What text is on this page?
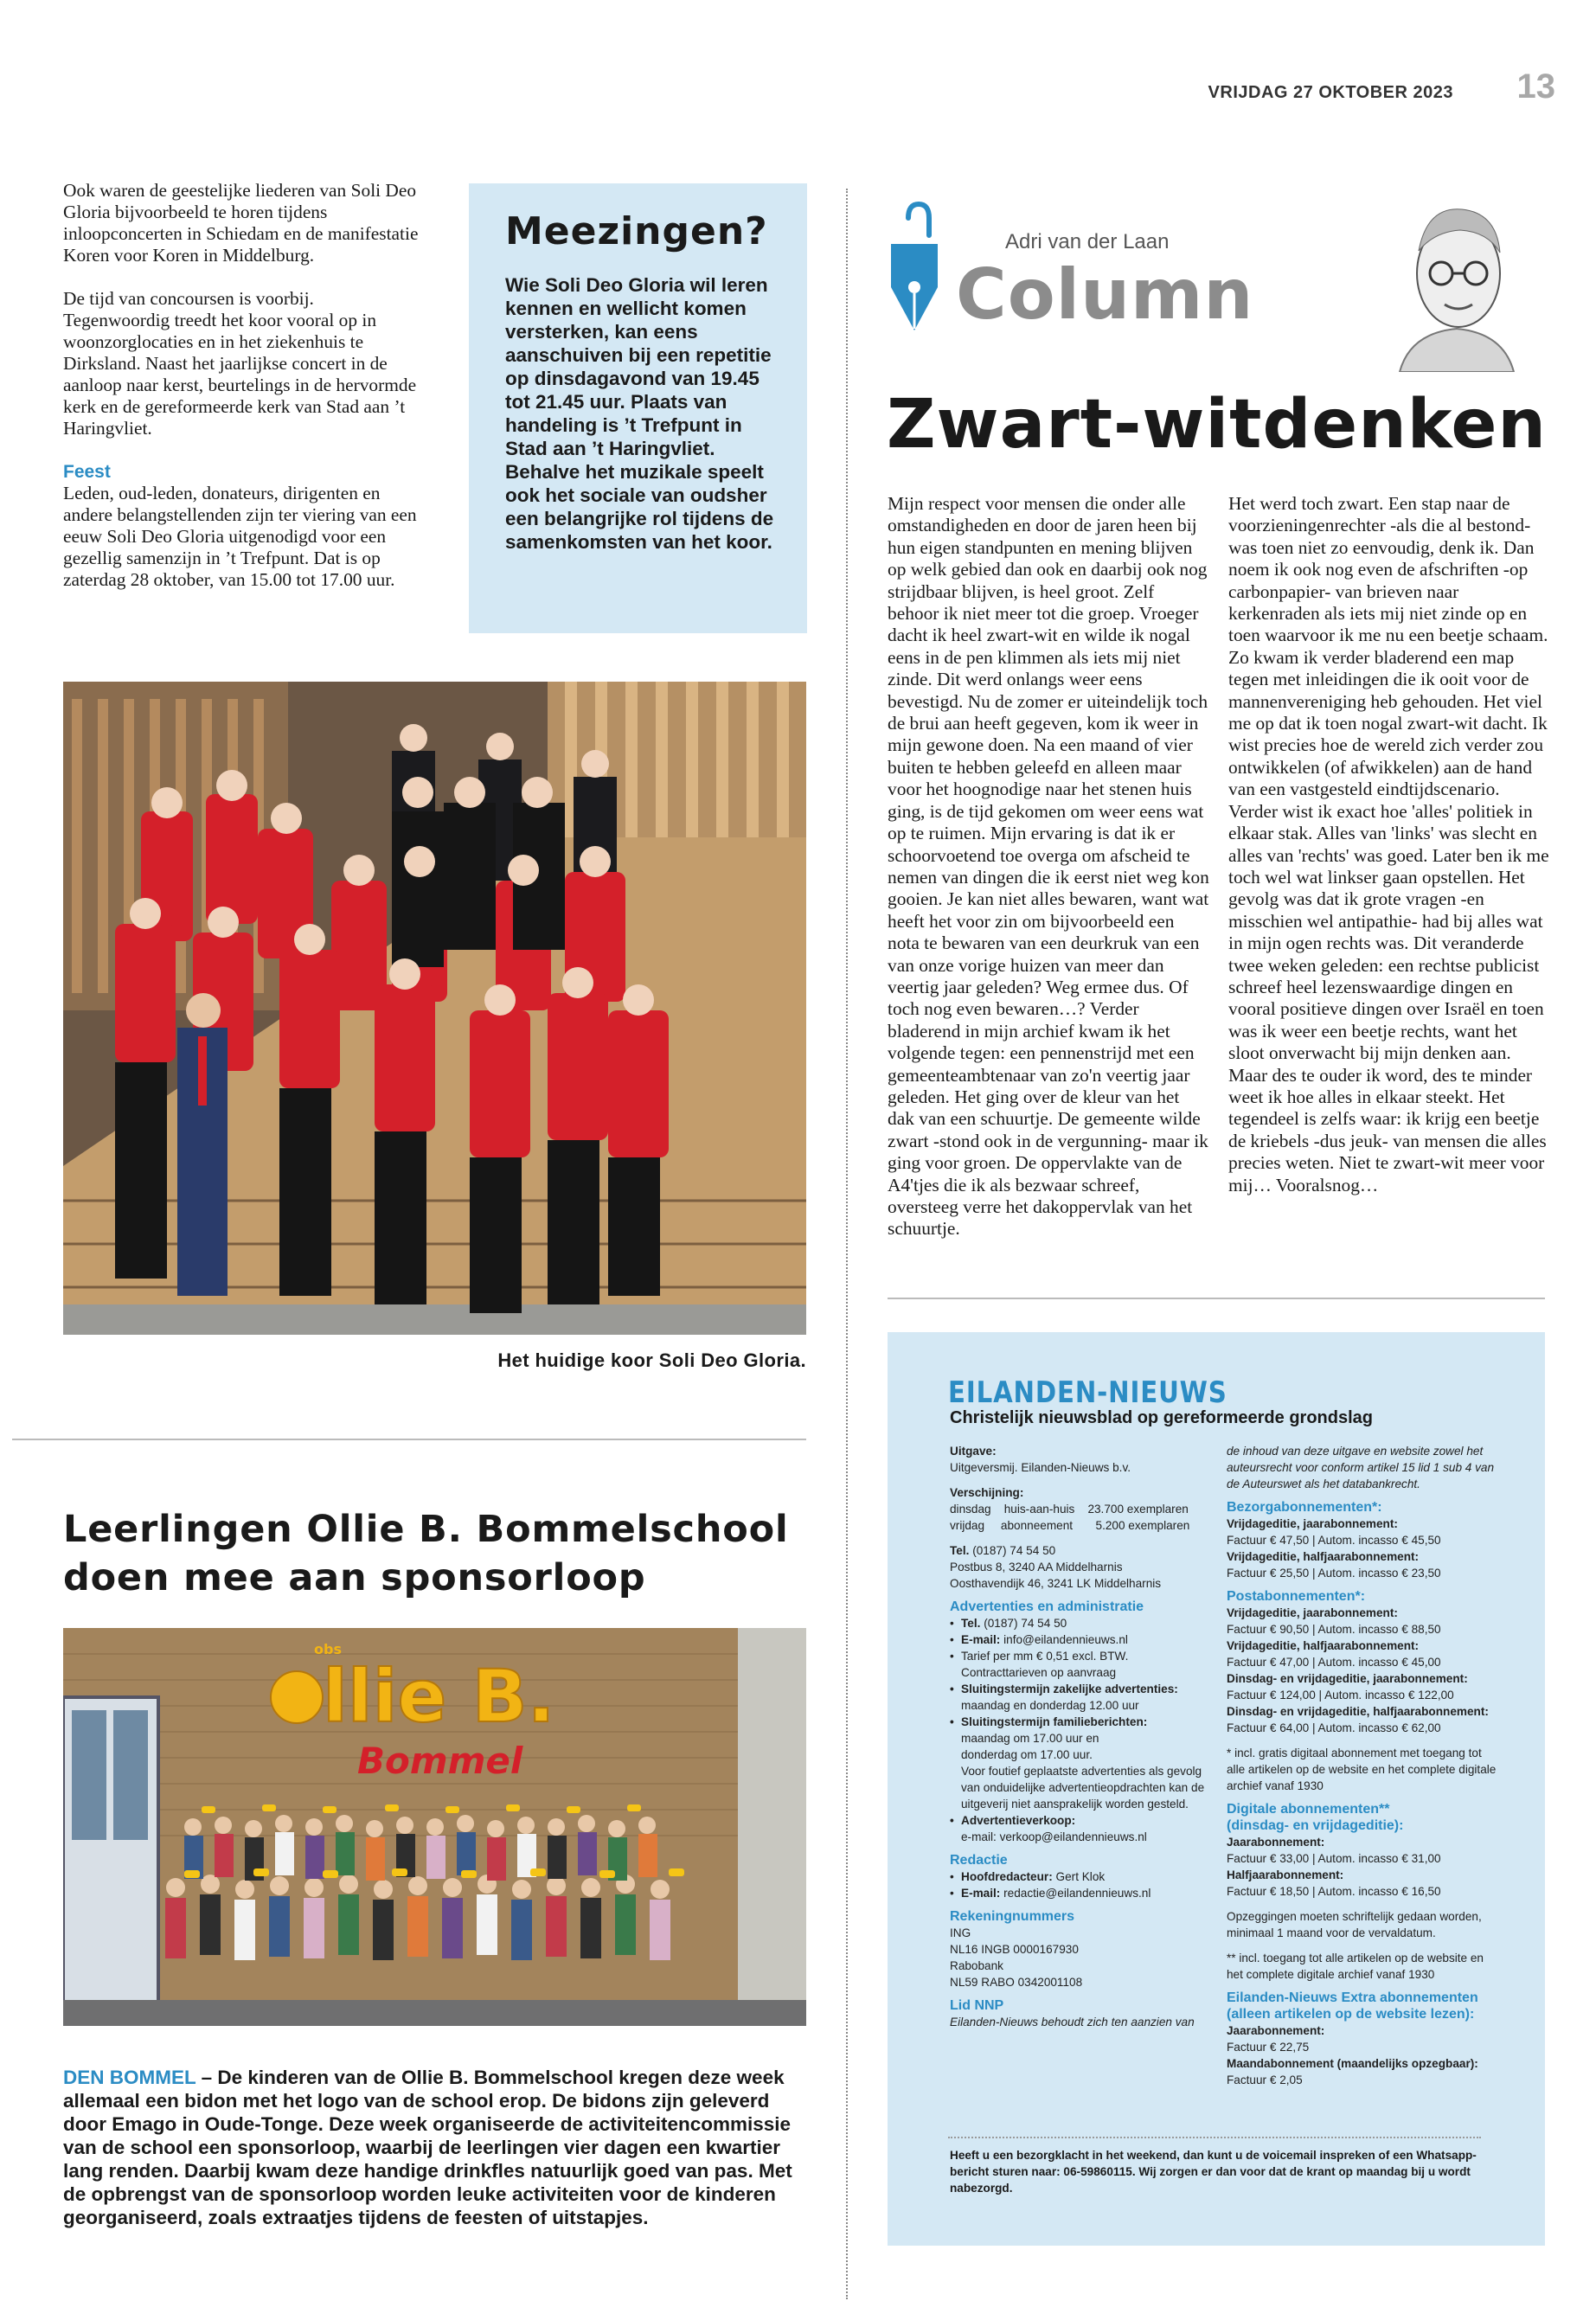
VRIJDAG 27 OKTOBER 2023	13

Ook waren de geestelijke liederen van Soli Deo Gloria bijvoorbeeld te horen tijdens inloopconcerten in Schiedam en de manifestatie Koren voor Koren in Middelburg.

De tijd van concoursen is voorbij. Tegenwoordig treedt het koor vooral op in woonzorglocaties en in het ziekenhuis te Dirksland. Naast het jaarlijkse concert in de aanloop naar kerst, beurtelings in de hervormde kerk en de gereformeerde kerk van Stad aan ’t Haringvliet.

Feest

Leden, oud-leden, donateurs, dirigenten en andere belangstellenden zijn ter viering van een eeuw Soli Deo Gloria uitgenodigd voor een gezellig samenzijn in ’t Trefpunt. Dat is op zaterdag 28 oktober, van 15.00 tot 17.00 uur.

Meezingen?
Wie Soli Deo Gloria wil leren kennen en wellicht komen versterken, kan eens aanschuiven bij een repetitie op dinsdagavond van 19.45 tot 21.45 uur. Plaats van handeling is ’t Trefpunt in Stad aan ’t Haringvliet. Behalve het muzikale speelt ook het sociale van oudsher een belangrijke rol tijdens de samenkomsten van het koor.
Het huidige koor Soli Deo Gloria.
Adri van der Laan
Column
Zwart-witdenken
Mijn respect voor mensen die onder alle omstandigheden en door de jaren heen bij hun eigen standpunten en mening blijven op welk gebied dan ook en daarbij ook nog strijdbaar blijven, is heel groot. Zelf behoor ik niet meer tot die groep. Vroeger dacht ik heel zwart-wit en wilde ik nogal eens in de pen klimmen als iets mij niet zinde. Dit werd onlangs weer eens bevestigd. Nu de zomer er uiteindelijk toch de brui aan heeft gegeven, kom ik weer in mijn gewone doen. Na een maand of vier buiten te hebben geleefd en alleen maar voor het hoognodige naar het stenen huis ging, is de tijd gekomen om weer eens wat op te ruimen. Mijn ervaring is dat ik er schoorvoetend toe overga om afscheid te nemen van dingen die ik eerst niet weg kon gooien. Je kan niet alles bewaren, want wat heeft het voor zin om bijvoorbeeld een nota te bewaren van een deurkruk van een van onze vorige huizen van meer dan veertig jaar geleden? Weg ermee dus. Of toch nog even bewaren…? Verder bladerend in mijn archief kwam ik het volgende tegen: een pennenstrijd met een gemeenteambtenaar van zo'n veertig jaar geleden. Het ging over de kleur van het dak van een schuurtje. De gemeente wilde zwart -stond ook in de vergunning- maar ik ging voor groen. De oppervlakte van de A4'tjes die ik als bezwaar schreef, oversteeg verre het dakoppervlak van het schuurtje.
Het werd toch zwart. Een stap naar de voorzieningenrechter -als die al bestond- was toen niet zo eenvoudig, denk ik. Dan noem ik ook nog even de afschriften -op carbonpapier- van brieven naar kerkenraden als iets mij niet zinde op en toen waarvoor ik me nu een beetje schaam. Zo kwam ik verder bladerend een map tegen met inleidingen die ik ooit voor de mannenvereniging heb gehouden. Het viel me op dat ik toen nogal zwart-wit dacht. Ik wist precies hoe de wereld zich verder zou ontwikkelen (of afwikkelen) aan de hand van een vastgesteld eindtijdscenario. Verder wist ik exact hoe 'alles' politiek in elkaar stak. Alles van 'links' was slecht en alles van 'rechts' was goed. Later ben ik me toch wel wat linkser gaan opstellen. Het gevolg was dat ik grote vragen -en misschien wel antipathie- had bij alles wat in mijn ogen rechts was. Dit veranderde twee weken geleden: een rechtse publicist schreef heel lezenswaardige dingen en vooral positieve dingen over Israël en toen was ik weer een beetje rechts, want het sloot onverwacht bij mijn denken aan. Maar des te ouder ik word, des te minder weet ik hoe alles in elkaar steekt. Het tegendeel is zelfs waar: ik krijg een beetje de kriebels -dus jeuk- van mensen die alles precies weten. Niet te zwart-wit meer voor mij… Vooralsnog…
EILANDEN-NIEUWS
Christelijk nieuwsblad op gereformeerde grondslag
Uitgave:
Uitgeversmij. Eilanden-Nieuws b.v.
Verschijning:
dinsdag    huis-aan-huis    23.700 exemplaren
vrijdag     abonneement       5.200 exemplaren
Tel. (0187) 74 54 50
Postbus 8, 3240 AA Middelharnis
Oosthavendijk 46, 3241 LK Middelharnis
Advertenties en administratie
• Tel. (0187) 74 54 50
• E-mail: info@eilandennieuws.nl
• Tarief per mm € 0,51 excl. BTW.
Contracttarieven op aanvraag
• Sluitingstermijn zakelijke advertenties:
maandag en donderdag 12.00 uur
• Sluitingstermijn familieberichten:
maandag om 17.00 uur en
donderdag om 17.00 uur.
Voor foutief geplaatste advertenties als gevolg
van onduidelijke advertentieopdrachten kan de
uitgeverij niet aansprakelijk worden gesteld.
• Advertentieverkoop:
e-mail: verkoop@eilandennieuws.nl
Redactie
• Hoofdredacteur: Gert Klok
• E-mail: redactie@eilandennieuws.nl
Rekeningnummers
ING
NL16 INGB 0000167930
Rabobank
NL59 RABO 0342001108
Lid NNP
Eilanden-Nieuws behoudt zich ten aanzien van
de inhoud van deze uitgave en website zowel het
auteursrecht voor conform artikel 15 lid 1 sub 4 van
de Auteurswet als het databankrecht.
Bezorgabonnementen*:
Vrijdageditie, jaarabonnement:
Factuur € 47,50 | Autom. incasso € 45,50
Vrijdageditie, halfjaarabonnement:
Factuur € 25,50 | Autom. incasso € 23,50
Postabonnementen*:
Vrijdageditie, jaarabonnement:
Factuur € 90,50 | Autom. incasso € 88,50
Vrijdageditie, halfjaarabonnement:
Factuur € 47,00 | Autom. incasso € 45,00
Dinsdag- en vrijdageditie, jaarabonnement:
Factuur € 124,00 | Autom. incasso € 122,00
Dinsdag- en vrijdageditie, halfjaarabonnement:
Factuur € 64,00 | Autom. incasso € 62,00
* incl. gratis digitaal abonnement met toegang tot
alle artikelen op de website en het complete digitale
archief vanaf 1930
Digitale abonnementen**
(dinsdag- en vrijdageditie):
Jaarabonnement:
Factuur € 33,00 | Autom. incasso € 31,00
Halfjaarabonnement:
Factuur € 18,50 | Autom. incasso € 16,50
Opzeggingen moeten schriftelijk gedaan worden,
minimaal 1 maand voor de vervaldatum.
** incl. toegang tot alle artikelen op de website en
het complete digitale archief vanaf 1930
Eilanden-Nieuws Extra abonnementen
(alleen artikelen op de website lezen):
Jaarabonnement:
Factuur € 22,75
Maandabonnement (maandelijks opzegbaar):
Factuur € 2,05
Heeft u een bezorgklacht in het weekend, dan kunt u de voicemail inspreken of een Whatsapp-bericht sturen naar: 06-59860115. Wij zorgen er dan voor dat de krant op maandag bij u wordt nabezorgd.
Leerlingen Ollie B. Bommelschool
doen mee aan sponsorloop
llie B.
obs
Bommel
DEN BOMMEL – De kinderen van de Ollie B. Bommelschool kregen deze week allemaal een bidon met het logo van de school erop. De bidons zijn geleverd door Emago in Oude-Tonge. Deze week organiseerde de activiteitencommissie van de school een sponsorloop, waarbij de leerlingen vier dagen een kwartier lang renden. Daarbij kwam deze handige drinkfles natuurlijk goed van pas. Met de opbrengst van de sponsorloop worden leuke activiteiten voor de kinderen georganiseerd, zoals extraatjes tijdens de feesten of uitstapjes.
